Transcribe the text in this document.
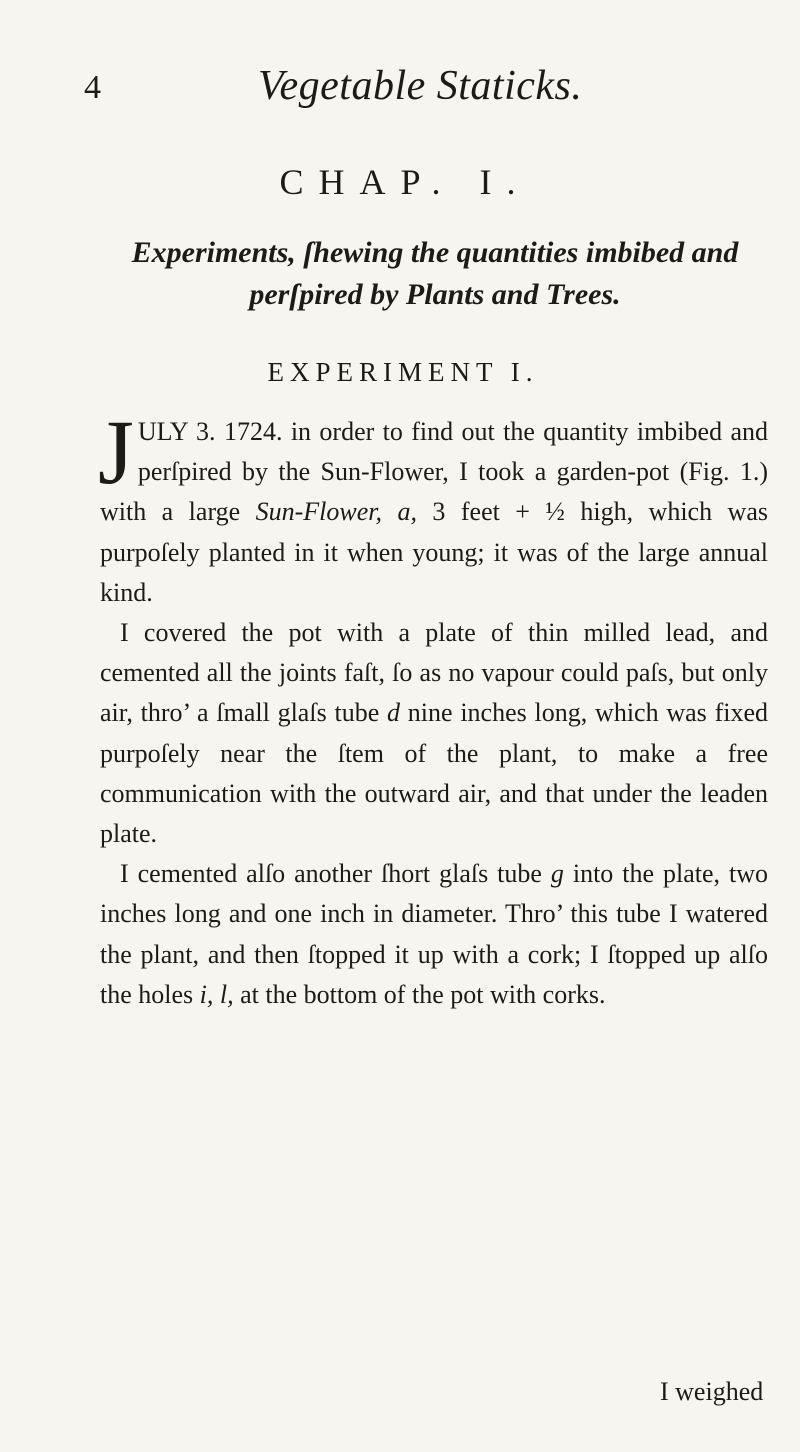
4	Vegetable Staticks.
CHAP. I.
Experiments, ſhewing the quantities imbibed and perſpired by Plants and Trees.
EXPERIMENT I.

JULY 3. 1724. in order to find out the quantity imbibed and perſpired by the Sun-Flower, I took a garden-pot (Fig. 1.) with a large Sun-Flower, a, 3 feet + ½ high, which was purpoſely planted in it when young; it was of the large annual kind.

I covered the pot with a plate of thin milled lead, and cemented all the joints faſt, ſo as no vapour could paſs, but only air, thro’ a ſmall glaſs tube d nine inches long, which was fixed purpoſely near the ſtem of the plant, to make a free communication with the outward air, and that under the leaden plate.

I cemented alſo another ſhort glaſs tube g into the plate, two inches long and one inch in diameter. Thro’ this tube I watered the plant, and then ſtopped it up with a cork; I ſtopped up alſo the holes i, l, at the bottom of the pot with corks.

I weighed
